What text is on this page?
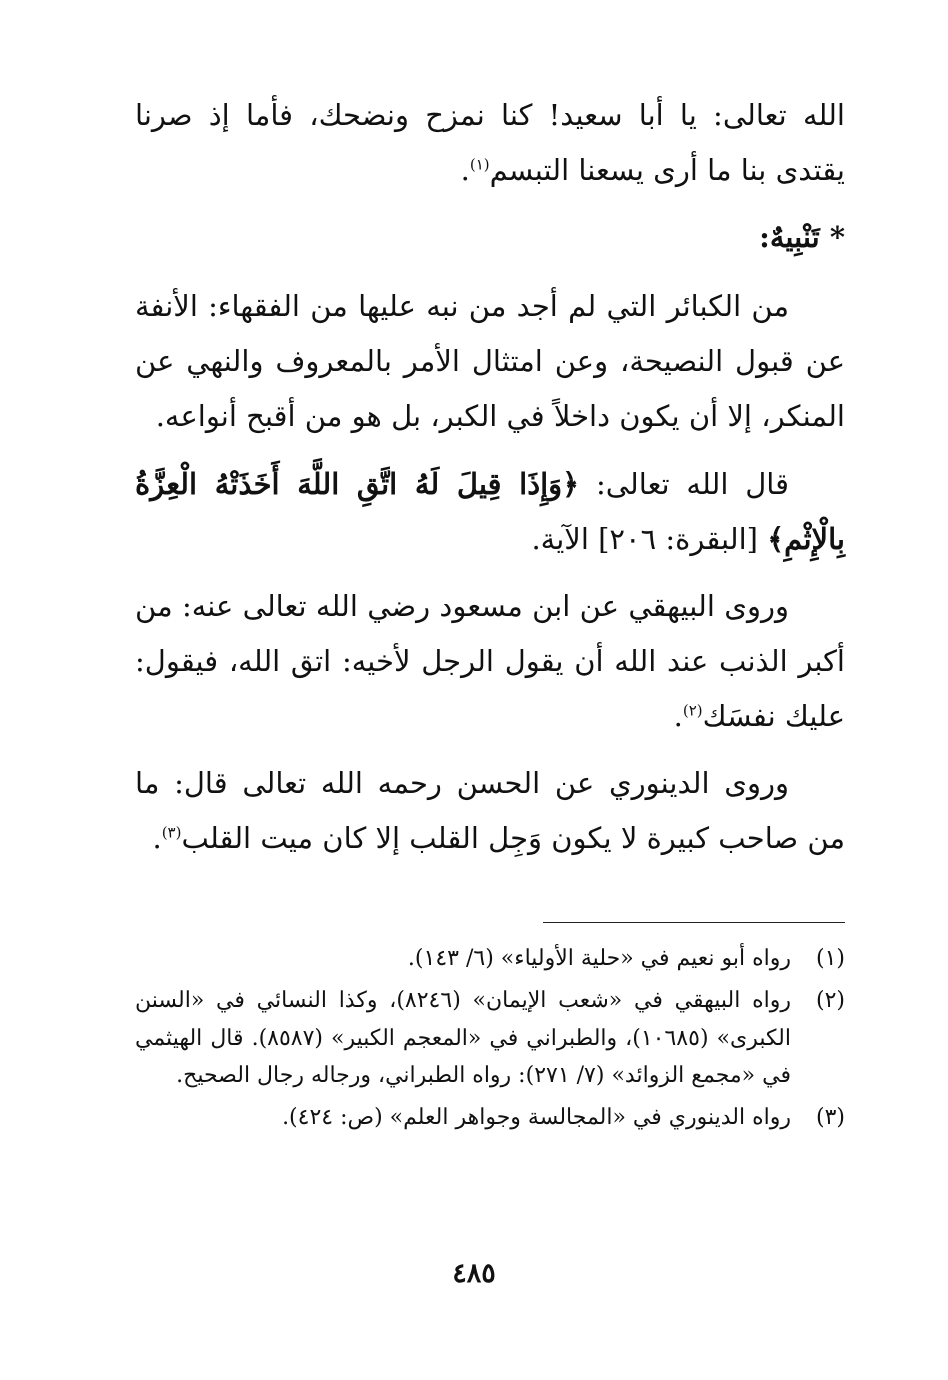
الله تعالى: يا أبا سعيد! كنا نمزح ونضحك، فأما إذ صرنا يقتدى بنا ما أرى يسعنا التبسم$^{(١)}$.

* تَنْبِيهٌ:

من الكبائر التي لم أجد من نبه عليها من الفقهاء: الأنفة عن قبول النصيحة، وعن امتثال الأمر بالمعروف والنهي عن المنكر، إلا أن يكون داخلاً في الكبر، بل هو من أقبح أنواعه.

قال الله تعالى: ﴿وَإِذَا قِيلَ لَهُ اتَّقِ اللَّهَ أَخَذَتْهُ الْعِزَّةُ بِالْإِثْمِ﴾ [البقرة: ٢٠٦] الآية.

وروى البيهقي عن ابن مسعود رضي الله تعالى عنه: من أكبر الذنب عند الله أن يقول الرجل لأخيه: اتق الله، فيقول: عليك نفسَك$^{(٢)}$.

وروى الدينوري عن الحسن رحمه الله تعالى قال: ما من صاحب كبيرة لا يكون وَجِل القلب إلا كان ميت القلب$^{(٣)}$.

(١)
رواه أبو نعيم في «حلية الأولياء» (٦/ ١٤٣).
(٢)
رواه البيهقي في «شعب الإيمان» (٨٢٤٦)، وكذا النسائي في «السنن الكبرى» (١٠٦٨٥)، والطبراني في «المعجم الكبير» (٨٥٨٧). قال الهيثمي في «مجمع الزوائد» (٧/ ٢٧١): رواه الطبراني، ورجاله رجال الصحيح.
(٣)
رواه الدينوري في «المجالسة وجواهر العلم» (ص: ٤٢٤).
٤٨٥
